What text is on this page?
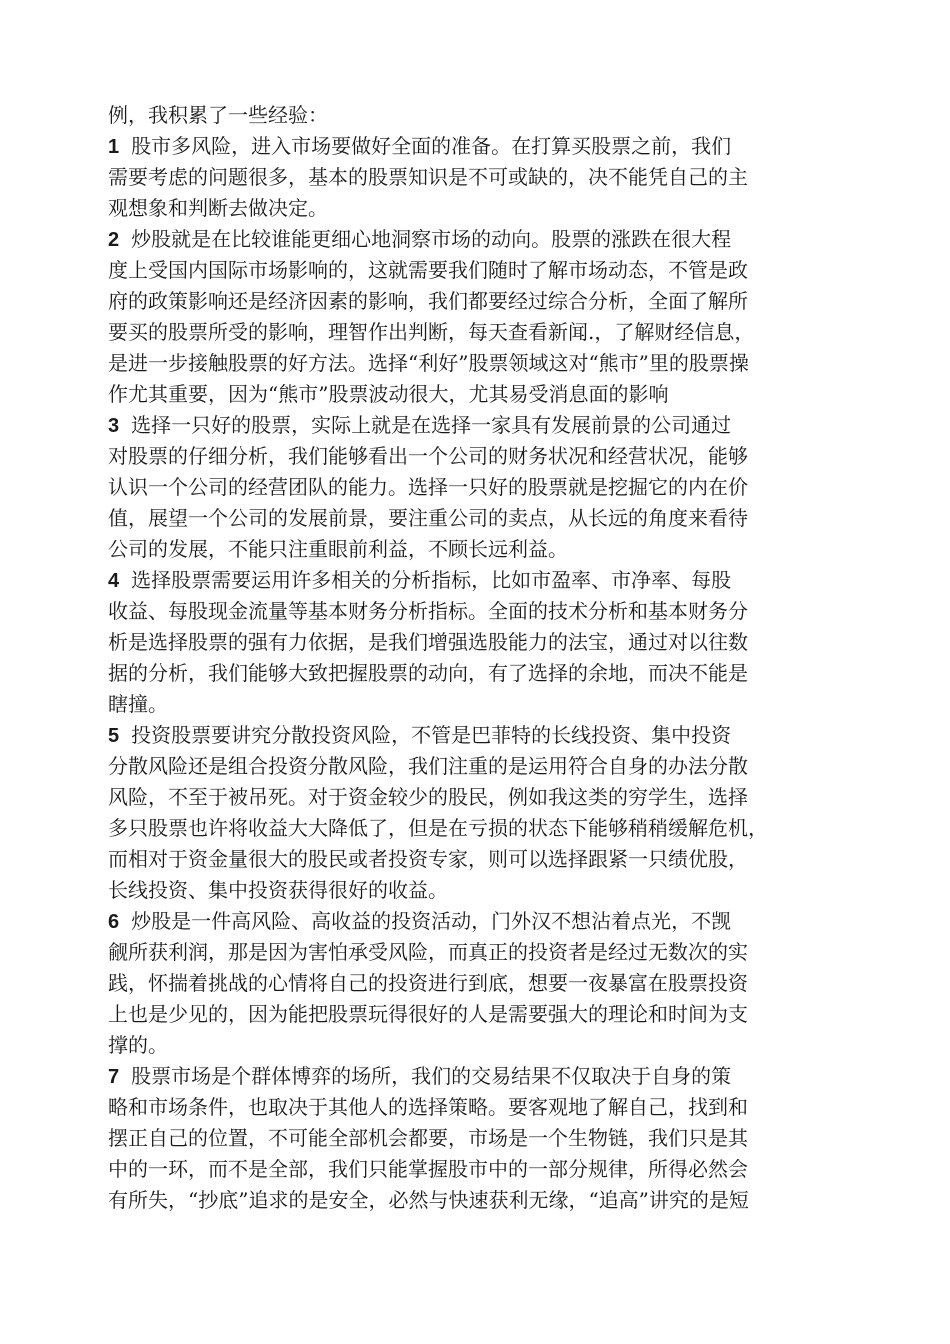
例，我积累了一些经验：
1 股市多风险，进入市场要做好全面的准备。在打算买股票之前，我们
需要考虑的问题很多，基本的股票知识是不可或缺的，决不能凭自己的主
观想象和判断去做决定。
2 炒股就是在比较谁能更细心地洞察市场的动向。股票的涨跌在很大程
度上受国内国际市场影响的，这就需要我们随时了解市场动态，不管是政
府的政策影响还是经济因素的影响，我们都要经过综合分析，全面了解所
要买的股票所受的影响，理智作出判断，每天查看新闻.，了解财经信息，
是进一步接触股票的好方法。选择“利好”股票领域这对“熊市”里的股票操
作尤其重要，因为“熊市”股票波动很大，尤其易受消息面的影响
3 选择一只好的股票，实际上就是在选择一家具有发展前景的公司通过
对股票的仔细分析，我们能够看出一个公司的财务状况和经营状况，能够
认识一个公司的经营团队的能力。选择一只好的股票就是挖掘它的内在价
值，展望一个公司的发展前景，要注重公司的卖点，从长远的角度来看待
公司的发展，不能只注重眼前利益，不顾长远利益。
4 选择股票需要运用许多相关的分析指标，比如市盈率、市净率、每股
收益、每股现金流量等基本财务分析指标。全面的技术分析和基本财务分
析是选择股票的强有力依据，是我们增强选股能力的法宝，通过对以往数
据的分析，我们能够大致把握股票的动向，有了选择的余地，而决不能是
瞎撞。
5 投资股票要讲究分散投资风险，不管是巴菲特的长线投资、集中投资
分散风险还是组合投资分散风险，我们注重的是运用符合自身的办法分散
风险，不至于被吊死。对于资金较少的股民，例如我这类的穷学生，选择
多只股票也许将收益大大降低了，但是在亏损的状态下能够稍稍缓解危机，
而相对于资金量很大的股民或者投资专家，则可以选择跟紧一只绩优股，
长线投资、集中投资获得很好的收益。
6 炒股是一件高风险、高收益的投资活动，门外汉不想沾着点光，不觊
觎所获利润，那是因为害怕承受风险，而真正的投资者是经过无数次的实
践，怀揣着挑战的心情将自己的投资进行到底，想要一夜暴富在股票投资
上也是少见的，因为能把股票玩得很好的人是需要强大的理论和时间为支
撑的。
7 股票市场是个群体博弈的场所，我们的交易结果不仅取决于自身的策
略和市场条件，也取决于其他人的选择策略。要客观地了解自己，找到和
摆正自己的位置，不可能全部机会都要，市场是一个生物链，我们只是其
中的一环，而不是全部，我们只能掌握股市中的一部分规律，所得必然会
有所失，“抄底”追求的是安全，必然与快速获利无缘，“追高”讲究的是短
